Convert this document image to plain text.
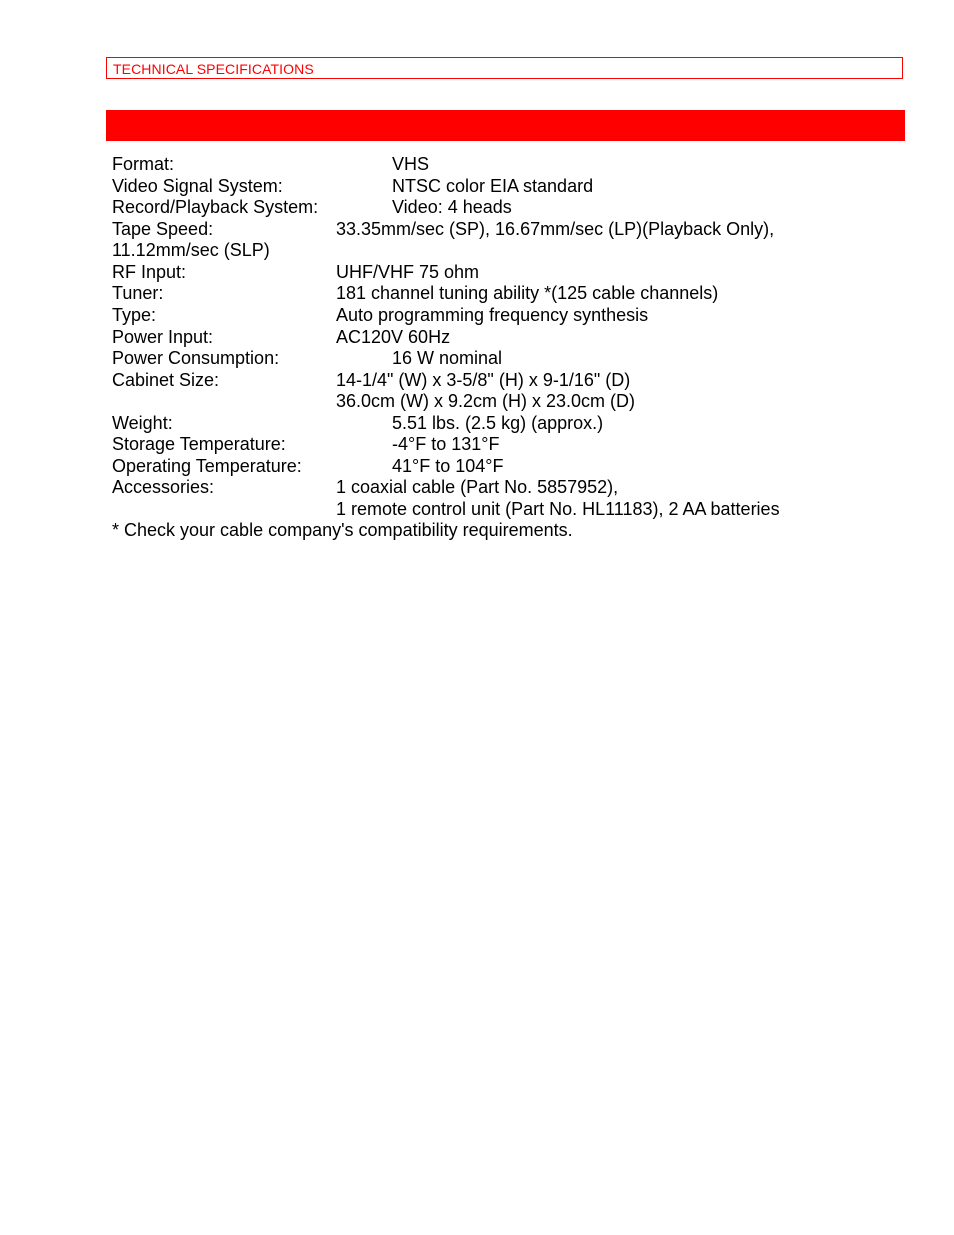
TECHNICAL SPECIFICATIONS
Format:	VHS
Video Signal System:	NTSC color EIA standard
Record/Playback System:	Video: 4 heads
Tape Speed:	33.35mm/sec (SP), 16.67mm/sec (LP)(Playback Only),
11.12mm/sec (SLP)
RF Input:	UHF/VHF 75 ohm
Tuner:	181 channel tuning ability *(125 cable channels)
Type:	Auto programming frequency synthesis
Power Input:	AC120V 60Hz
Power Consumption:	16 W nominal
Cabinet Size:	14-1/4" (W) x 3-5/8" (H) x 9-1/16" (D)
36.0cm (W) x 9.2cm (H) x 23.0cm (D)
Weight:	5.51 lbs. (2.5 kg) (approx.)
Storage Temperature:	-4°F to 131°F
Operating Temperature:	41°F to 104°F
Accessories:	1 coaxial cable (Part No. 5857952),
1 remote control unit (Part No. HL11183), 2 AA batteries
* Check your cable company's compatibility requirements.
